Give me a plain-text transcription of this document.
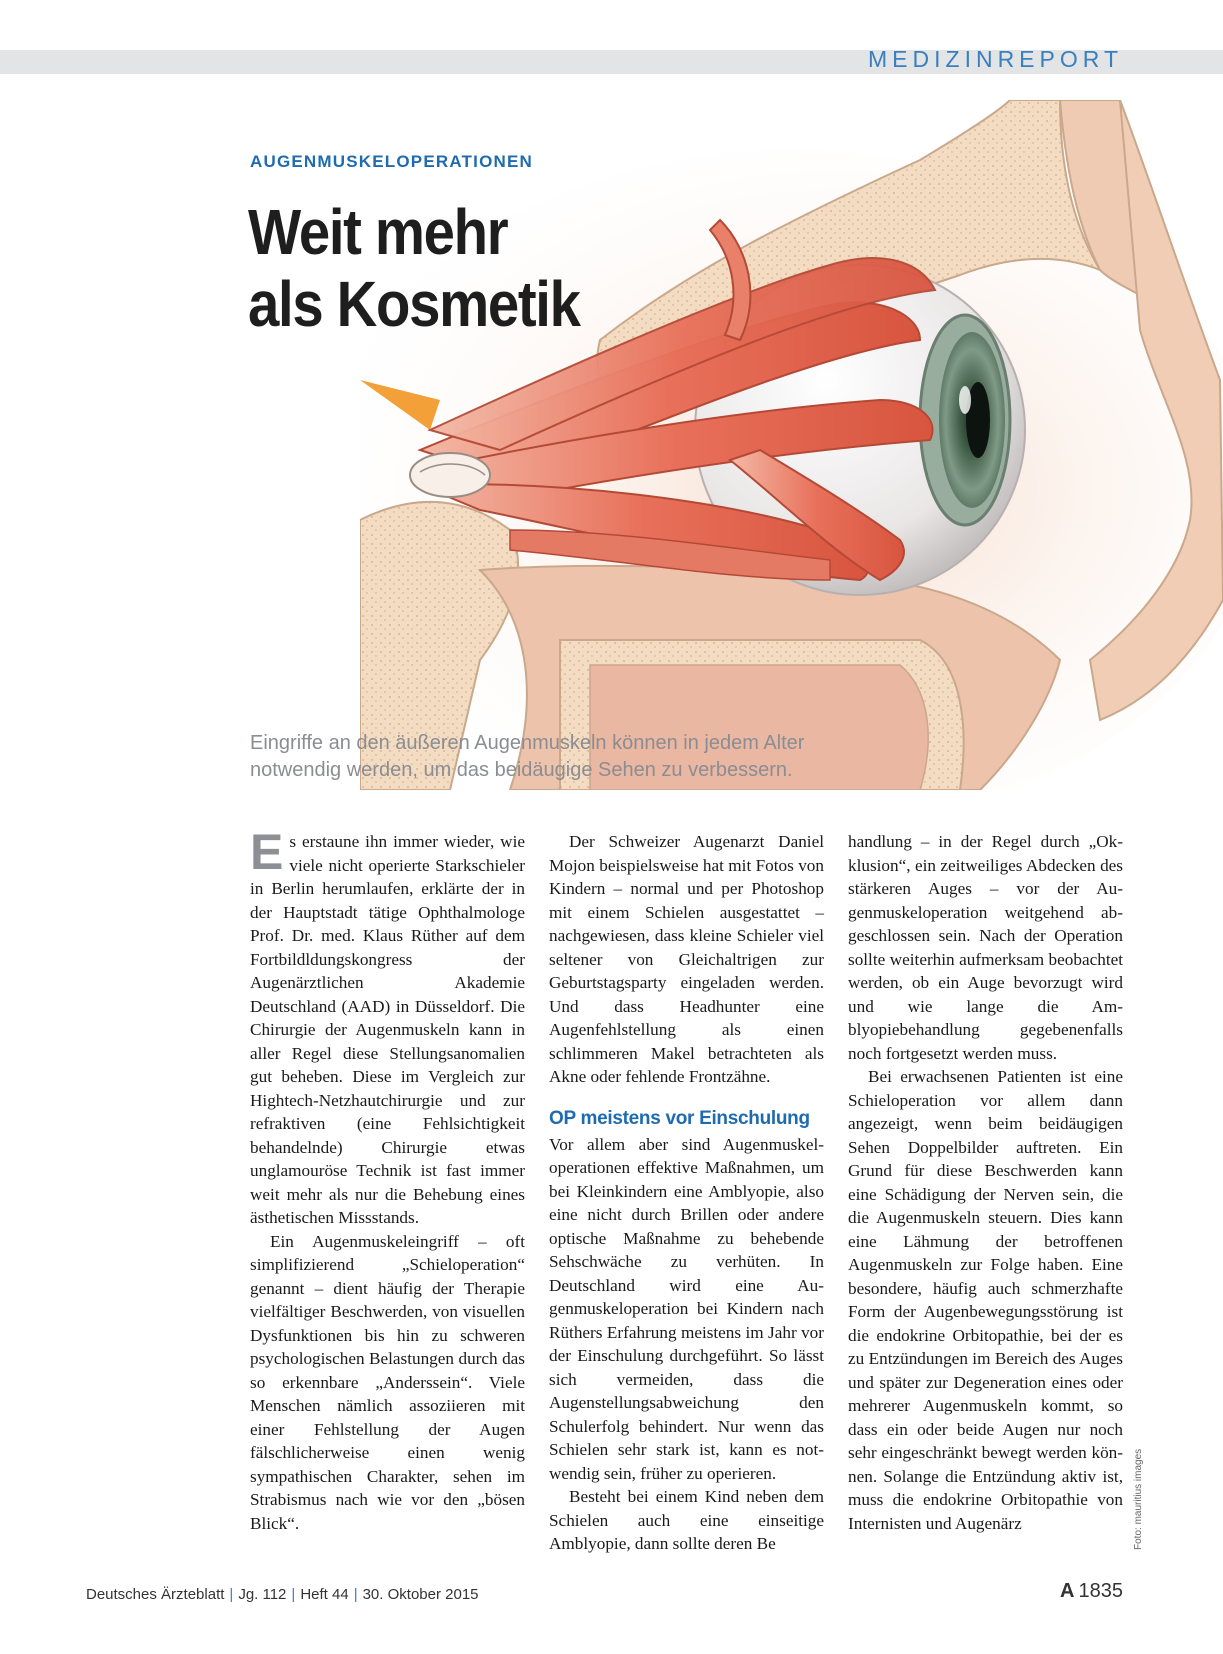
MEDIZINREPORT
AUGENMUSKELOPERATIONEN
Weit mehr
als Kosmetik
Eingriffe an den äußeren Augenmuskeln können in jedem Alter
notwendig werden, um das beidäugige Sehen zu verbessern.

Es erstaune ihn immer wieder, wie viele nicht operierte Starkschieler in Berlin herumlaufen, erklärte der in der Hauptstadt tätige Ophthalmologe Prof. Dr. med. Klaus Rüther auf dem Fortbildldungskongress der Augenärztlichen Akademie Deutschland (AAD) in Düsseldorf. Die Chirurgie der Augenmuskeln kann in aller Regel diese Stellungsanomalien gut beheben. Diese im Vergleich zur Hightech-Netzhautchirurgie und zur refraktiven (eine Fehlsichtigkeit behandelnde) Chirurgie etwas unglamouröse Technik ist fast immer weit mehr als nur die Behebung eines ästhetischen Missstands.

Ein Augenmuskeleingriff – oft simplifizierend „Schieloperation“ genannt – dient häufig der Therapie vielfältiger Beschwerden, von visuellen Dysfunktionen bis hin zu schweren psychologischen Belastungen durch das so erkennbare „Anderssein“. Viele Menschen nämlich assoziieren mit einer Fehlstellung der Augen fälschlicherweise einen wenig sympathischen Charakter, sehen im Strabismus nach wie vor den „bösen Blick“.

Der Schweizer Augenarzt Daniel Mojon beispielsweise hat mit Fotos von Kindern – normal und per Photoshop mit einem Schielen ausgestattet – nachgewiesen, dass kleine Schieler viel seltener von Gleichaltrigen zur Geburtstagsparty eingeladen werden. Und dass Headhunter eine Augenfehlstellung als einen schlimmeren Makel betrachteten als Akne oder fehlende Frontzähne.

OP meistens vor Einschulung

Vor allem aber sind Augenmuskeloperationen effektive Maßnahmen, um bei Kleinkindern eine Amblyopie, also eine nicht durch Brillen oder andere optische Maßnahme zu behebende Sehschwäche zu verhüten. In Deutschland wird eine Augenmuskeloperation bei Kindern nach Rüthers Erfahrung meistens im Jahr vor der Einschulung durchgeführt. So lässt sich vermeiden, dass die Augenstellungsabweichung den Schulerfolg behindert. Nur wenn das Schielen sehr stark ist, kann es notwendig sein, früher zu operieren.

Besteht bei einem Kind neben dem Schielen auch eine einseitige Amblyopie, dann sollte deren Be

handlung – in der Regel durch „Okklusion“, ein zeitweiliges Abdecken des stärkeren Auges – vor der Augenmuskeloperation weitgehend abgeschlossen sein. Nach der Operation sollte weiterhin aufmerksam beobachtet werden, ob ein Auge bevorzugt wird und wie lange die Amblyopiebehandlung gegebenenfalls noch fortgesetzt werden muss.

Bei erwachsenen Patienten ist eine Schieloperation vor allem dann angezeigt, wenn beim beidäugigen Sehen Doppelbilder auftreten. Ein Grund für diese Beschwerden kann eine Schädigung der Nerven sein, die die Augenmuskeln steuern. Dies kann eine Lähmung der betroffenen Augenmuskeln zur Folge haben. Eine besondere, häufig auch schmerzhafte Form der Augenbewegungsstörung ist die endokrine Orbitopathie, bei der es zu Entzündungen im Bereich des Auges und später zur Degeneration eines oder mehrerer Augenmuskeln kommt, so dass ein oder beide Augen nur noch sehr eingeschränkt bewegt werden können. Solange die Entzündung aktiv ist, muss die endokrine Orbitopathie von Internisten und Augenärz	Foto: mauritius images
Deutsches Ärzteblatt | Jg. 112 | Heft 44 | 30. Oktober 2015	A 1835
